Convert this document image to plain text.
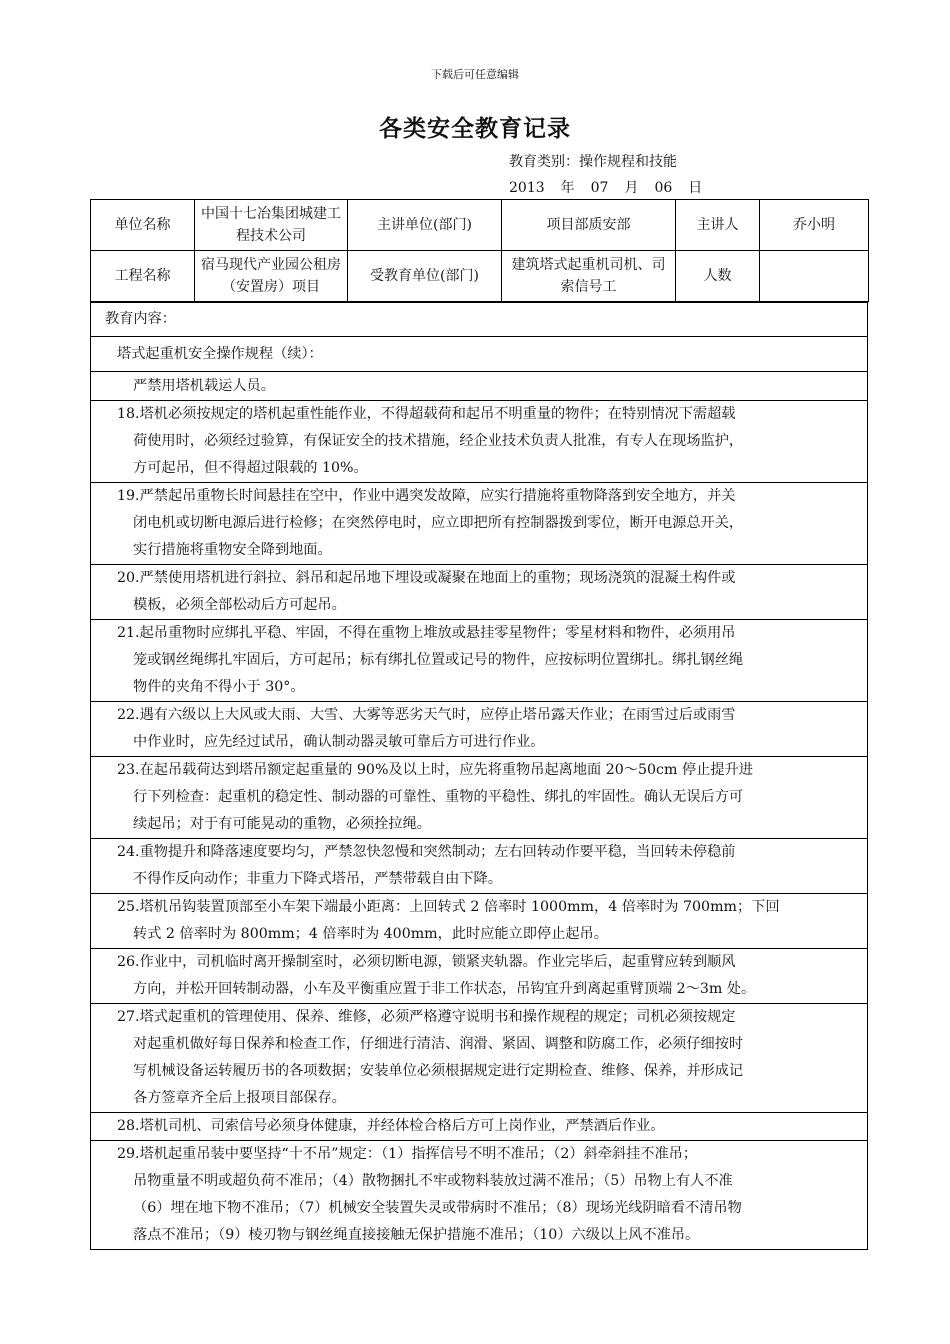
下载后可任意编辑
各类安全教育记录
教育类别：操作规程和技能
2013 年 07 月 06 日
单位名称	中国十七冶集团城建工程技术公司	主讲单位(部门)	项目部质安部	主讲人	乔小明
工程名称	宿马现代产业园公租房（安置房）项目	受教育单位(部门)	建筑塔式起重机司机、司索信号工	人数	
教育内容：
塔式起重机安全操作规程（续）：
严禁用塔机载运人员。
18.塔机必须按规定的塔机起重性能作业，不得超载荷和起吊不明重量的物件；在特别情况下需超载
荷使用时，必须经过验算，有保证安全的技术措施，经企业技术负责人批准，有专人在现场监护，
方可起吊，但不得超过限载的 10%。
19.严禁起吊重物长时间悬挂在空中，作业中遇突发故障，应实行措施将重物降落到安全地方，并关
闭电机或切断电源后进行检修；在突然停电时，应立即把所有控制器拨到零位，断开电源总开关，
实行措施将重物安全降到地面。
20.严禁使用塔机进行斜拉、斜吊和起吊地下埋设或凝聚在地面上的重物；现场浇筑的混凝土构件或
模板，必须全部松动后方可起吊。
21.起吊重物时应绑扎平稳、牢固，不得在重物上堆放或悬挂零星物件；零星材料和物件，必须用吊
笼或钢丝绳绑扎牢固后，方可起吊；标有绑扎位置或记号的物件，应按标明位置绑扎。绑扎钢丝绳
物件的夹角不得小于 30°。
22.遇有六级以上大风或大雨、大雪、大雾等恶劣天气时，应停止塔吊露天作业；在雨雪过后或雨雪
中作业时，应先经过试吊，确认制动器灵敏可靠后方可进行作业。
23.在起吊载荷达到塔吊额定起重量的 90%及以上时，应先将重物吊起离地面 20～50cm 停止提升进
行下列检查：起重机的稳定性、制动器的可靠性、重物的平稳性、绑扎的牢固性。确认无误后方可
续起吊；对于有可能晃动的重物，必须拴拉绳。
24.重物提升和降落速度要均匀，严禁忽快忽慢和突然制动；左右回转动作要平稳，当回转未停稳前
不得作反向动作；非重力下降式塔吊，严禁带载自由下降。
25.塔机吊钩装置顶部至小车架下端最小距离：上回转式 2 倍率时 1000mm，4 倍率时为 700mm；下回
转式 2 倍率时为 800mm；4 倍率时为 400mm，此时应能立即停止起吊。
26.作业中，司机临时离开操制室时，必须切断电源，锁紧夹轨器。作业完毕后，起重臂应转到顺风
方向，并松开回转制动器，小车及平衡重应置于非工作状态，吊钩宜升到离起重臂顶端 2～3m 处。
27.塔式起重机的管理使用、保养、维修，必须严格遵守说明书和操作规程的规定；司机必须按规定
对起重机做好每日保养和检查工作，仔细进行清洁、润滑、紧固、调整和防腐工作，必须仔细按时
写机械设备运转履历书的各项数据；安装单位必须根据规定进行定期检查、维修、保养，并形成记
各方签章齐全后上报项目部保存。
28.塔机司机、司索信号必须身体健康，并经体检合格后方可上岗作业，严禁酒后作业。
29.塔机起重吊装中要坚持“十不吊”规定：（1）指挥信号不明不准吊；（2）斜牵斜挂不准吊；
吊物重量不明或超负荷不准吊；（4）散物捆扎不牢或物料装放过满不准吊；（5）吊物上有人不准
（6）埋在地下物不准吊；（7）机械安全装置失灵或带病时不准吊；（8）现场光线阴暗看不清吊物
落点不准吊；（9）棱刃物与钢丝绳直接接触无保护措施不准吊；（10）六级以上风不准吊。
